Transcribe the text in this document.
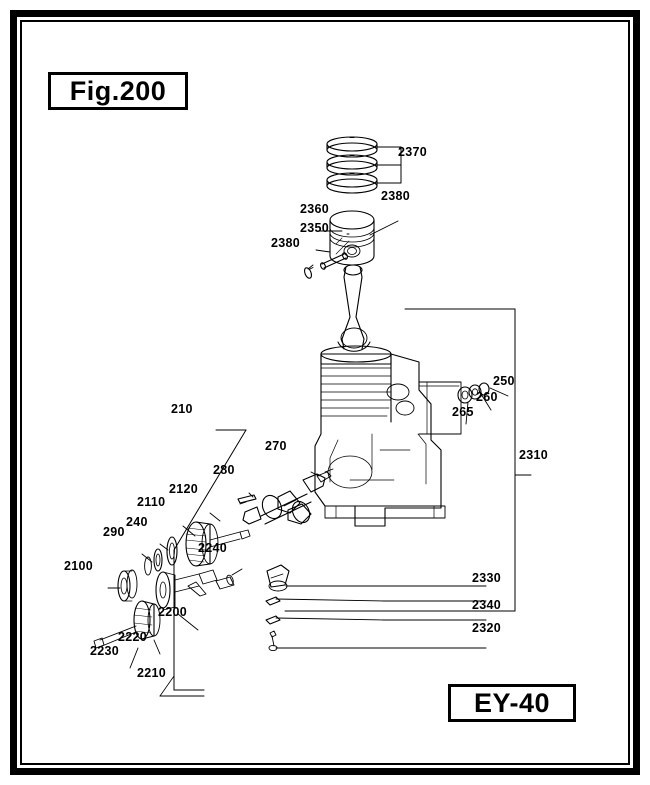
Fig.200
EY-40
2370
2380
2360
2350
2380
250
260
265
2310
210
270
280
2120
2110
240
290
2240
2100
2200
2220
2230
2210
2330
2340
2320
